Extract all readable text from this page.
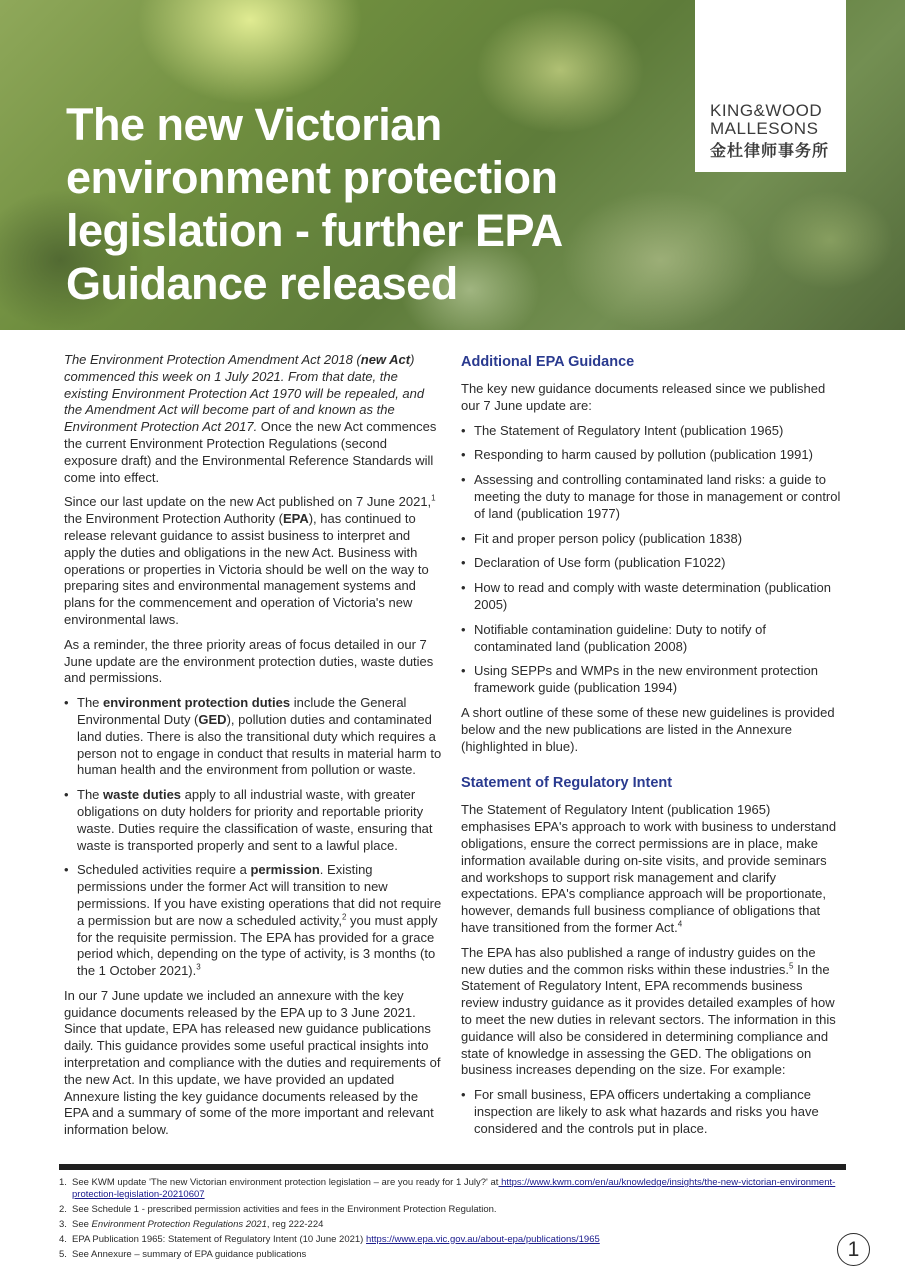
The new Victorian environment protection legislation - further EPA Guidance released
KING&WOOD
MALLESONS
金杜律师事务所

The Environment Protection Amendment Act 2018 (new Act) commenced this week on 1 July 2021. From that date, the existing Environment Protection Act 1970 will be repealed, and the Amendment Act will become part of and known as the Environment Protection Act 2017. Once the new Act commences the current Environment Protection Regulations (second exposure draft) and the Environmental Reference Standards will come into effect.

Since our last update on the new Act published on 7 June 2021,$^1$ the Environment Protection Authority (EPA), has continued to release relevant guidance to assist business to interpret and apply the duties and obligations in the new Act. Business with operations or properties in Victoria should be well on the way to preparing sites and environmental management systems and plans for the commencement and operation of Victoria's new environmental laws.

As a reminder, the three priority areas of focus detailed in our 7 June update are the environment protection duties, waste duties and permissions.

• The environment protection duties include the General Environmental Duty (GED), pollution duties and contaminated land duties. There is also the transitional duty which requires a person not to engage in conduct that results in material harm to human health and the environment from pollution or waste.
• The waste duties apply to all industrial waste, with greater obligations on duty holders for priority and reportable priority waste. Duties require the classification of waste, ensuring that waste is transported properly and sent to a lawful place.
• Scheduled activities require a permission. Existing permissions under the former Act will transition to new permissions. If you have existing operations that did not require a permission but are now a scheduled activity,$^2$ you must apply for the requisite permission. The EPA has provided for a grace period which, depending on the type of activity, is 3 months (to the 1 October 2021).$^3$

In our 7 June update we included an annexure with the key guidance documents released by the EPA up to 3 June 2021. Since that update, EPA has released new guidance publications daily. This guidance provides some useful practical insights into interpretation and compliance with the duties and requirements of the new Act. In this update, we have provided an updated Annexure listing the key guidance documents released by the EPA and a summary of some of the more important and relevant information below.

Additional EPA Guidance

The key new guidance documents released since we published our 7 June update are:

• The Statement of Regulatory Intent (publication 1965)
• Responding to harm caused by pollution (publication 1991)
• Assessing and controlling contaminated land risks: a guide to meeting the duty to manage for those in management or control of land (publication 1977)
• Fit and proper person policy (publication 1838)
• Declaration of Use form (publication F1022)
• How to read and comply with waste determination (publication 2005)
• Notifiable contamination guideline: Duty to notify of contaminated land (publication 2008)
• Using SEPPs and WMPs in the new environment protection framework guide (publication 1994)

A short outline of these some of these new guidelines is provided below and the new publications are listed in the Annexure (highlighted in blue).

Statement of Regulatory Intent

The Statement of Regulatory Intent (publication 1965) emphasises EPA's approach to work with business to understand obligations, ensure the correct permissions are in place, make information available during on-site visits, and provide seminars and workshops to support risk management and clarify expectations. EPA's compliance approach will be proportionate, however, demands full business compliance of obligations that have transitioned from the former Act.$^4$

The EPA has also published a range of industry guides on the new duties and the common risks within these industries.$^5$ In the Statement of Regulatory Intent, EPA recommends business review industry guidance as it provides detailed examples of how to meet the new duties in relevant sectors. The information in this guidance will also be considered in determining compliance and state of knowledge in assessing the GED. The obligations on business increases depending on the size. For example:

• For small business, EPA officers undertaking a compliance inspection are likely to ask what hazards and risks you have considered and the controls put in place.
1. See KWM update 'The new Victorian environment protection legislation – are you ready for 1 July?' at https://www.kwm.com/en/au/knowledge/insights/the-new-victorian-environment-protection-legislation-20210607
2. See Schedule 1 - prescribed permission activities and fees in the Environment Protection Regulation.
3. See Environment Protection Regulations 2021, reg 222-224
4. EPA Publication 1965: Statement of Regulatory Intent (10 June 2021) https://www.epa.vic.gov.au/about-epa/publications/1965
5. See Annexure – summary of EPA guidance publications	1
